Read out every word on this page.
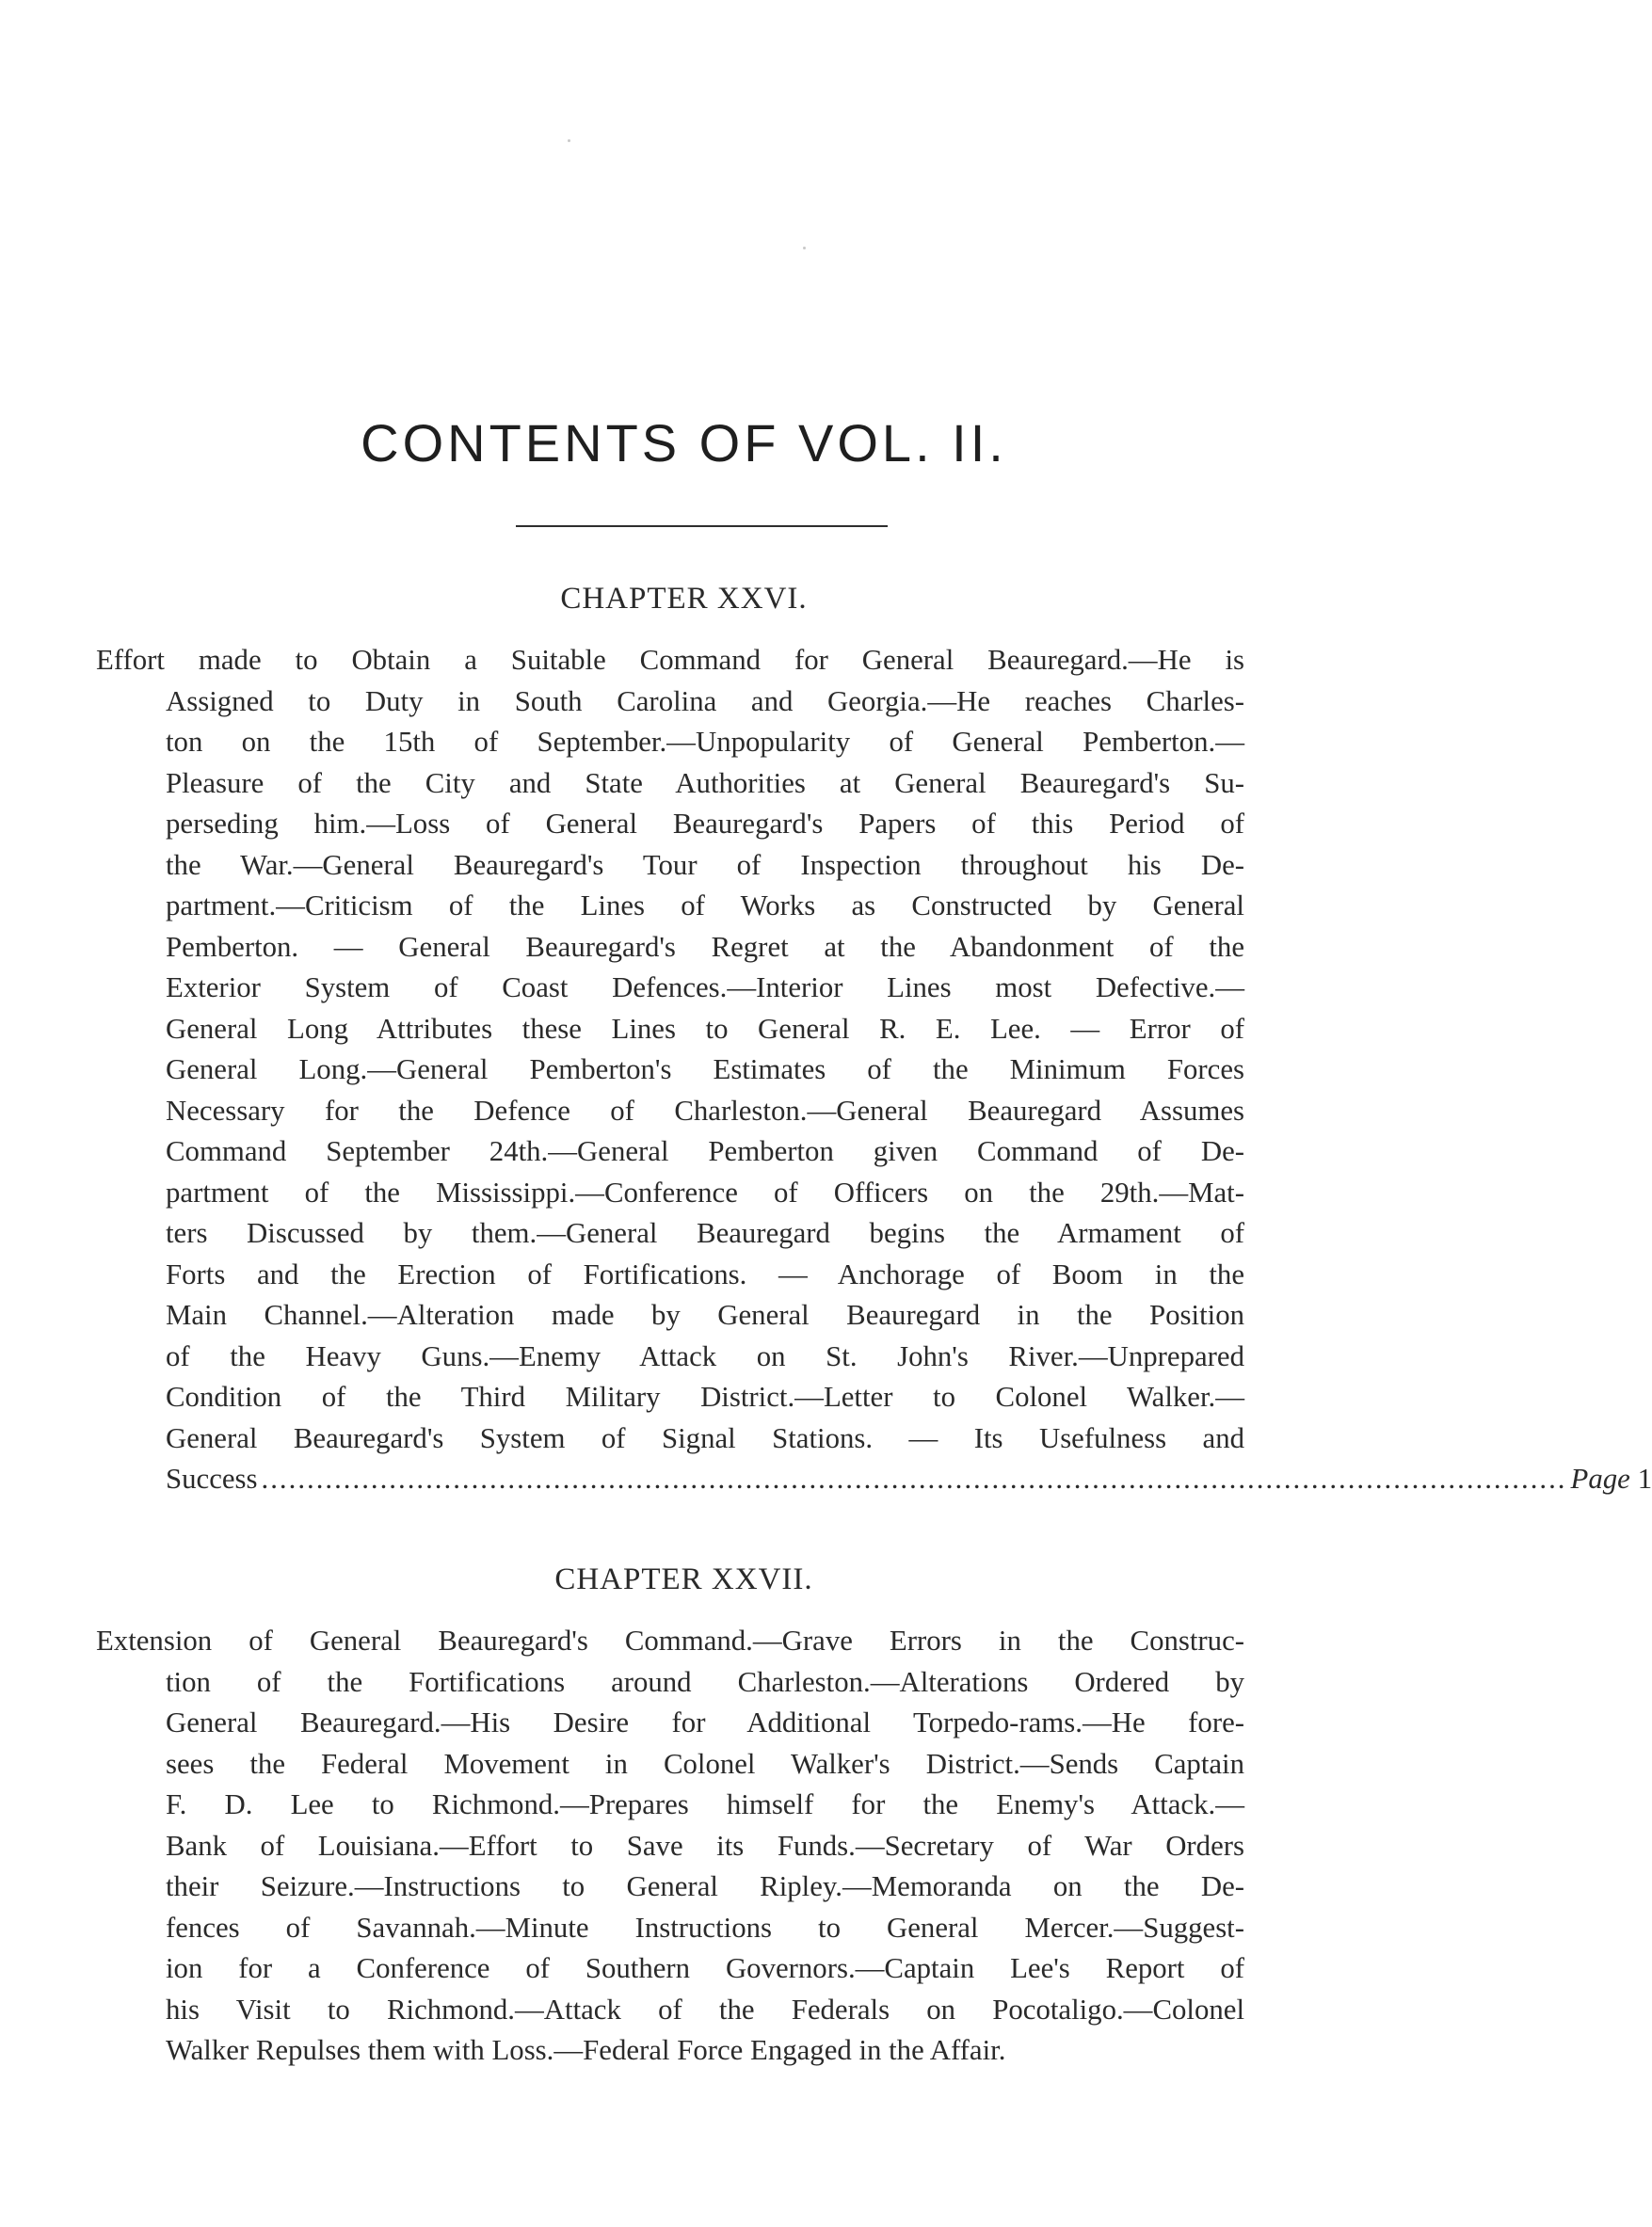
CONTENTS OF VOL. II.
CHAPTER XXVI.
Effort made to Obtain a Suitable Command for General Beauregard.—He is
Assigned to Duty in South Carolina and Georgia.—He reaches Charles-
ton on the 15th of September.—Unpopularity of General Pemberton.—
Pleasure of the City and State Authorities at General Beauregard's Su-
perseding him.—Loss of General Beauregard's Papers of this Period of
the War.—General Beauregard's Tour of Inspection throughout his De-
partment.—Criticism of the Lines of Works as Constructed by General
Pemberton. — General Beauregard's Regret at the Abandonment of the
Exterior System of Coast Defences.—Interior Lines most Defective.—
General Long Attributes these Lines to General R. E. Lee. — Error of
General Long.—General Pemberton's Estimates of the Minimum Forces
Necessary for the Defence of Charleston.—General Beauregard Assumes
Command September 24th.—General Pemberton given Command of De-
partment of the Mississippi.—Conference of Officers on the 29th.—Mat-
ters Discussed by them.—General Beauregard begins the Armament of
Forts and the Erection of Fortifications. — Anchorage of Boom in the
Main Channel.—Alteration made by General Beauregard in the Position
of the Heavy Guns.—Enemy Attack on St. John's River.—Unprepared
Condition of the Third Military District.—Letter to Colonel Walker.—
General Beauregard's System of Signal Stations. — Its Usefulness and
Success ............................................................................................................................................... Page 1
CHAPTER XXVII.
Extension of General Beauregard's Command.—Grave Errors in the Construc-
tion of the Fortifications around Charleston.—Alterations Ordered by
General Beauregard.—His Desire for Additional Torpedo-rams.—He fore-
sees the Federal Movement in Colonel Walker's District.—Sends Captain
F. D. Lee to Richmond.—Prepares himself for the Enemy's Attack.—
Bank of Louisiana.—Effort to Save its Funds.—Secretary of War Orders
their Seizure.—Instructions to General Ripley.—Memoranda on the De-
fences of Savannah.—Minute Instructions to General Mercer.—Suggest-
ion for a Conference of Southern Governors.—Captain Lee's Report of
his Visit to Richmond.—Attack of the Federals on Pocotaligo.—Colonel
Walker Repulses them with Loss.—Federal Force Engaged in the Affair.
